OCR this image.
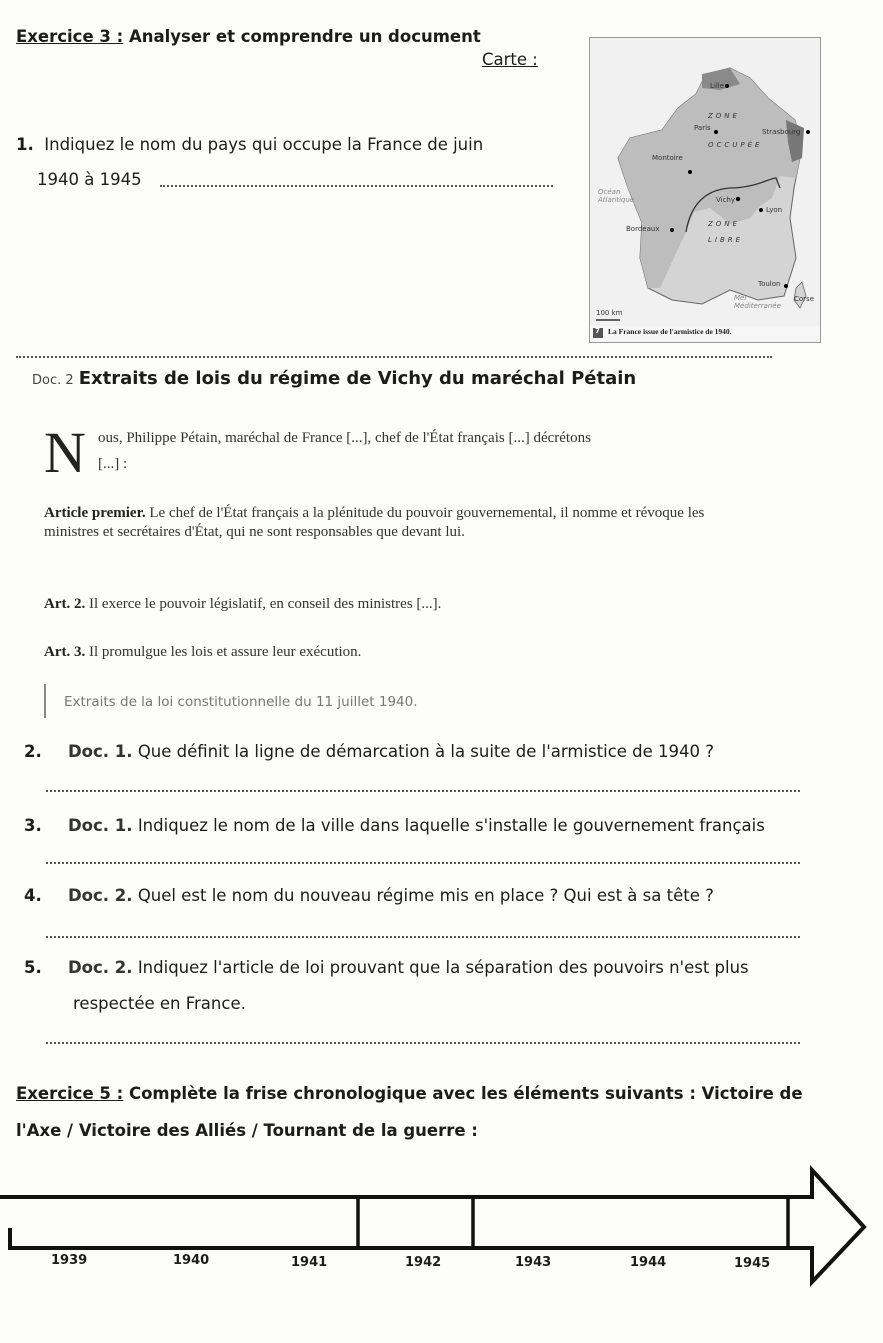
Exercice 3 : Analyser et comprendre un document
Carte :
1. Indiquez le nom du pays qui occupe la France de juin
1940 à 1945
Lille
ZONE
Paris	Strasbourg
OCCUPÉE
Montoire
Océan Atlantique	Vichy
Lyon
ZONE
Bordeaux
LIBRE
Toulon
Corse
Mer Méditerranée
100 km
7 La France issue de l'armistice de 1940.
Doc. 2 Extraits de lois du régime de Vichy du maréchal Pétain
N ous, Philippe Pétain, maréchal de France [...], chef de l'État français [...] décrétons
[...] :
Article premier. Le chef de l'État français a la plénitude du pouvoir gouvernemental, il nomme et révoque les ministres et secrétaires d'État, qui ne sont responsables que devant lui.
Art. 2. Il exerce le pouvoir législatif, en conseil des ministres [...].
Art. 3. Il promulgue les lois et assure leur exécution.
Extraits de la loi constitutionnelle du 11 juillet 1940.
2. Doc. 1. Que définit la ligne de démarcation à la suite de l'armistice de 1940 ?
3. Doc. 1. Indiquez le nom de la ville dans laquelle s'installe le gouvernement français
4. Doc. 2. Quel est le nom du nouveau régime mis en place ? Qui est à sa tête ?
5. Doc. 2. Indiquez l'article de loi prouvant que la séparation des pouvoirs n'est plus
respectée en France.
Exercice 5 : Complète la frise chronologique avec les éléments suivants : Victoire de
l'Axe / Victoire des Alliés / Tournant de la guerre :
1939	1940	1941	1942	1943	1944	1945
